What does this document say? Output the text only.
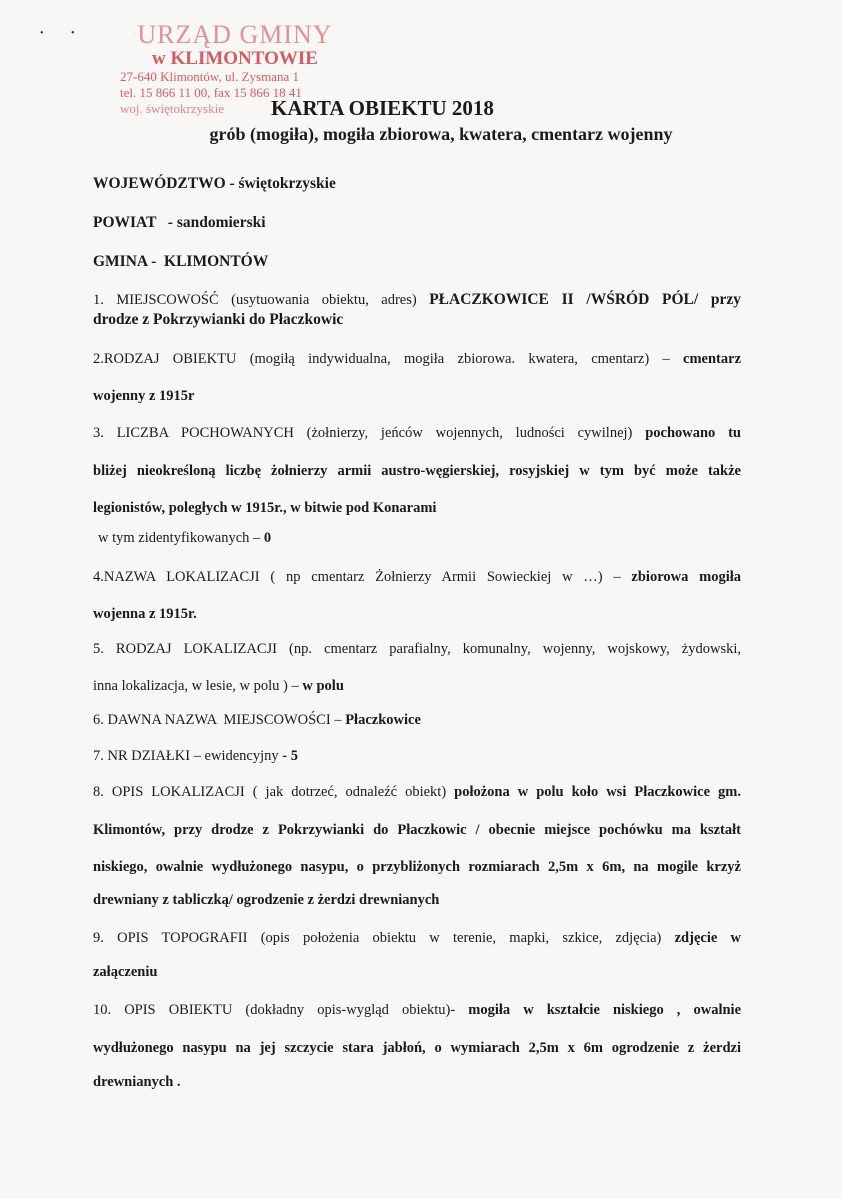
•           •	URZĄD GMINY
w KLIMONTOWIE
27-640 Klimontów, ul. Zysmana 1
tel. 15 866 11 00, fax 15 866 18 41
woj. świętokrzyskie	KARTA OBIEKTU 2018
grób (mogiła), mogiła zbiorowa, kwatera, cmentarz wojenny
WOJEWÓDZTWO - świętokrzyskie
POWIAT   - sandomierski
GMINA -  KLIMONTÓW
1. MIEJSCOWOŚĆ (usytuowania obiektu, adres) PŁACZKOWICE II /WŚRÓD PÓL/ przy
drodze z Pokrzywianki do Płaczkowic
2.RODZAJ OBIEKTU (mogiłą indywidualna, mogiła zbiorowa. kwatera, cmentarz) – cmentarz
wojenny z 1915r
3. LICZBA POCHOWANYCH (żołnierzy, jeńców wojennych, ludności cywilnej) pochowano tu
bliżej nieokreśloną liczbę żołnierzy armii austro-węgierskiej, rosyjskiej w tym być może także
legionistów, poległych w 1915r., w bitwie pod Konarami
w tym zidentyfikowanych – 0
4.NAZWA LOKALIZACJI ( np cmentarz Żołnierzy Armii Sowieckiej w …) – zbiorowa mogiła
wojenna z 1915r.
5. RODZAJ LOKALIZACJI (np. cmentarz parafialny, komunalny, wojenny, wojskowy, żydowski,
inna lokalizacja, w lesie, w polu ) – w polu
6. DAWNA NAZWA  MIEJSCOWOŚCI – Płaczkowice
7. NR DZIAŁKI – ewidencyjny - 5
8. OPIS LOKALIZACJI ( jak dotrzeć, odnaleźć obiekt) położona w polu koło wsi Płaczkowice gm.
Klimontów, przy drodze z Pokrzywianki do Płaczkowic / obecnie miejsce pochówku ma kształt
niskiego, owalnie wydłużonego nasypu, o przybliżonych rozmiarach 2,5m x 6m, na mogile krzyż
drewniany z tabliczką/ ogrodzenie z żerdzi drewnianych
9. OPIS TOPOGRAFII (opis położenia obiektu w terenie, mapki, szkice, zdjęcia) zdjęcie w
załączeniu
10. OPIS OBIEKTU (dokładny opis-wygląd obiektu)- mogiła w kształcie niskiego , owalnie
wydłużonego nasypu na jej szczycie stara jabłoń, o wymiarach 2,5m x 6m ogrodzenie z żerdzi
drewnianych .
